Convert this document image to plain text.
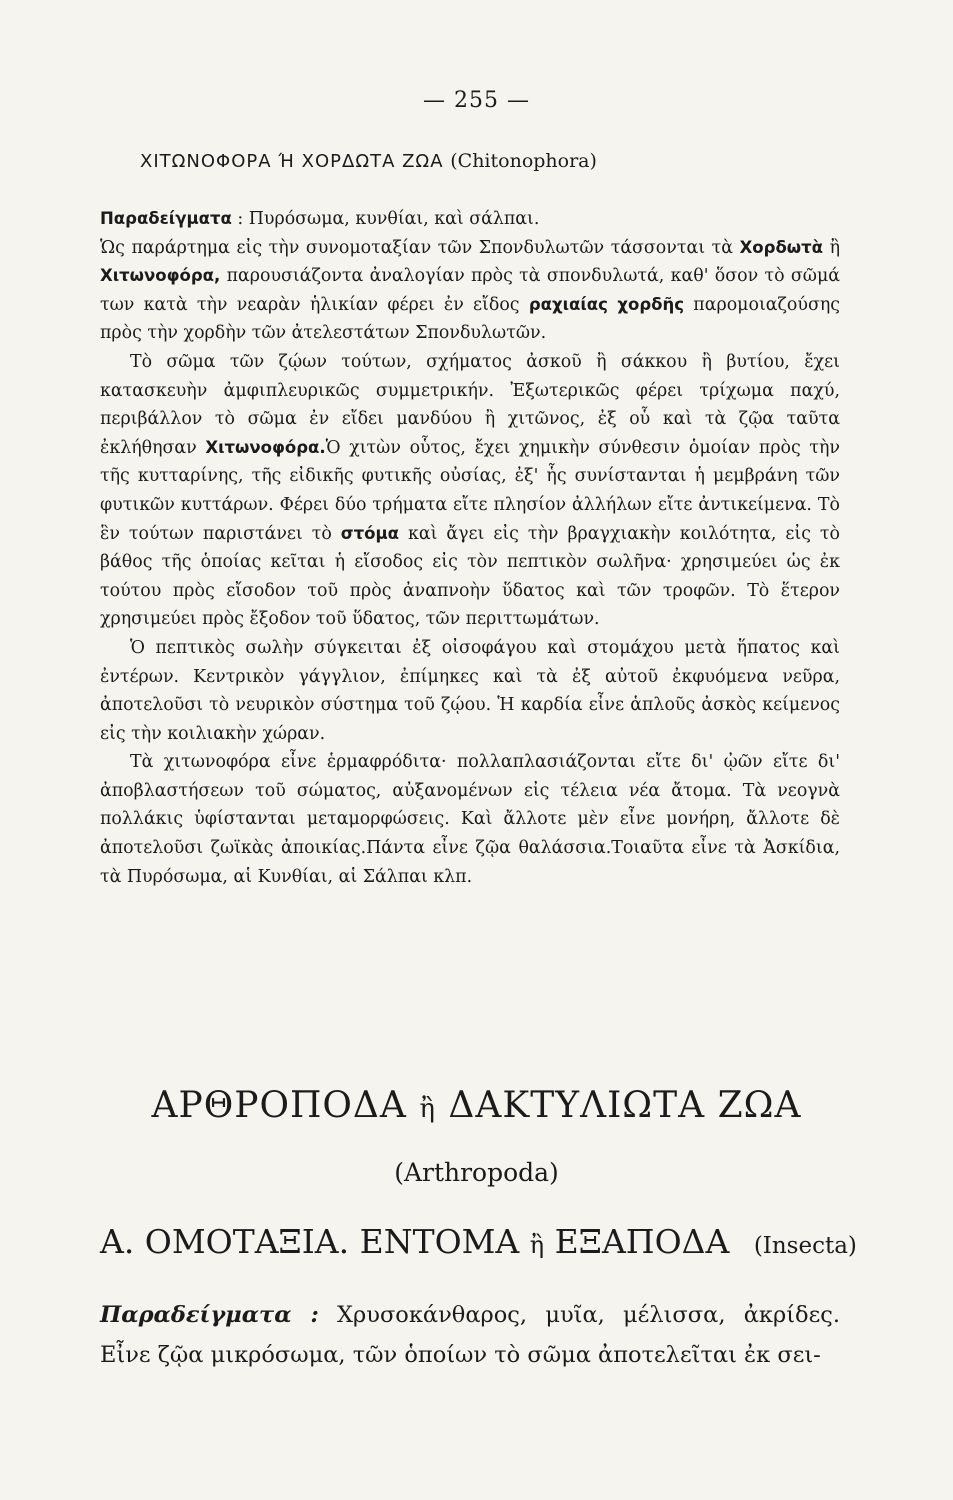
— 255 —
ΧΙΤΩΝΟΦΟΡΑ Ή ΧΟΡΔΩΤΑ ΖΩΑ (Chitonophora)

Παραδείγματα : Πυρόσωμα, κυνθίαι, καὶ σάλπαι.

Ὡς παράρτημα εἰς τὴν συνομοταξίαν τῶν Σπονδυλωτῶν τάσσονται τὰ Χορδωτὰ ἢ Χιτωνοφόρα, παρουσιάζοντα ἀναλογίαν πρὸς τὰ σπονδυλωτά, καθ' ὅσον τὸ σῶμά των κατὰ τὴν νεαρὰν ἡλικίαν φέρει ἐν εἴδος ραχιαίας χορδῆς παρομοιαζούσης πρὸς τὴν χορδὴν τῶν ἀτελεστάτων Σπονδυλωτῶν.

Τὸ σῶμα τῶν ζῴων τούτων, σχήματος ἀσκοῦ ἢ σάκκου ἢ βυτίου, ἔχει κατασκευὴν ἀμφιπλευρικῶς συμμετρικήν. Ἐξωτερικῶς φέρει τρίχωμα παχύ, περιβάλλον τὸ σῶμα ἐν εἴδει μανδύου ἢ χιτῶνος, ἐξ οὗ καὶ τὰ ζῷα ταῦτα ἐκλήθησαν Χιτωνοφόρα.Ὁ χιτὼν οὗτος, ἔχει χημικὴν σύνθεσιν ὁμοίαν πρὸς τὴν τῆς κυτταρίνης, τῆς εἰδικῆς φυτικῆς οὐσίας, ἐξ' ἧς συνίστανται ἡ μεμβράνη τῶν φυτικῶν κυττάρων. Φέρει δύο τρήματα εἴτε πλησίον ἀλλήλων εἴτε ἀντικείμενα. Τὸ ἓν τούτων παριστάνει τὸ στόμα καὶ ἄγει εἰς τὴν βραγχιακὴν κοιλότητα, εἰς τὸ βάθος τῆς ὁποίας κεῖται ἡ εἴσοδος εἰς τὸν πεπτικὸν σωλῆνα· χρησιμεύει ὡς ἐκ τούτου πρὸς εἴσοδον τοῦ πρὸς ἀναπνοὴν ὕδατος καὶ τῶν τροφῶν. Τὸ ἕτερον χρησιμεύει πρὸς ἔξοδον τοῦ ὕδατος, τῶν περιττωμάτων.

Ὁ πεπτικὸς σωλὴν σύγκειται ἐξ οἰσοφάγου καὶ στομάχου μετὰ ἥπατος καὶ ἐντέρων. Κεντρικὸν γάγγλιον, ἐπίμηκες καὶ τὰ ἐξ αὐτοῦ ἐκφυόμενα νεῦρα, ἀποτελοῦσι τὸ νευρικὸν σύστημα τοῦ ζῴου. Ἡ καρδία εἶνε ἁπλοῦς ἀσκὸς κείμενος εἰς τὴν κοιλιακὴν χώραν.

Τὰ χιτωνοφόρα εἶνε ἑρμαφρόδιτα· πολλαπλασιάζονται εἴτε δι' ᾠῶν εἴτε δι' ἀποβλαστήσεων τοῦ σώματος, αὐξανομένων εἰς τέλεια νέα ἄτομα. Τὰ νεογνὰ πολλάκις ὑφίστανται μεταμορφώσεις. Καὶ ἄλλοτε μὲν εἶνε μονήρη, ἄλλοτε δὲ ἀποτελοῦσι ζωϊκὰς ἀποικίας.Πάντα εἶνε ζῷα θαλάσσια.Τοιαῦτα εἶνε τὰ Ἀσκίδια, τὰ Πυρόσωμα, αἱ Κυνθίαι, αἱ Σάλπαι κλπ.

ΑΡΘΡΟΠΟΔΑ ἢ ΔΑΚΤΥΛΙΩΤΑ ΖΩΑ
(Arthropoda)
Α. ΟΜΟΤΑΞΙΑ. ΕΝΤΟΜΑ ἢ ΕΞΑΠΟΔΑ (Insecta)

Παραδείγματα : Χρυσοκάνθαρος, μυῖα, μέλισσα, ἀκρίδες. Εἶνε ζῷα μικρόσωμα, τῶν ὁποίων τὸ σῶμα ἀποτελεῖται ἐκ σει-
